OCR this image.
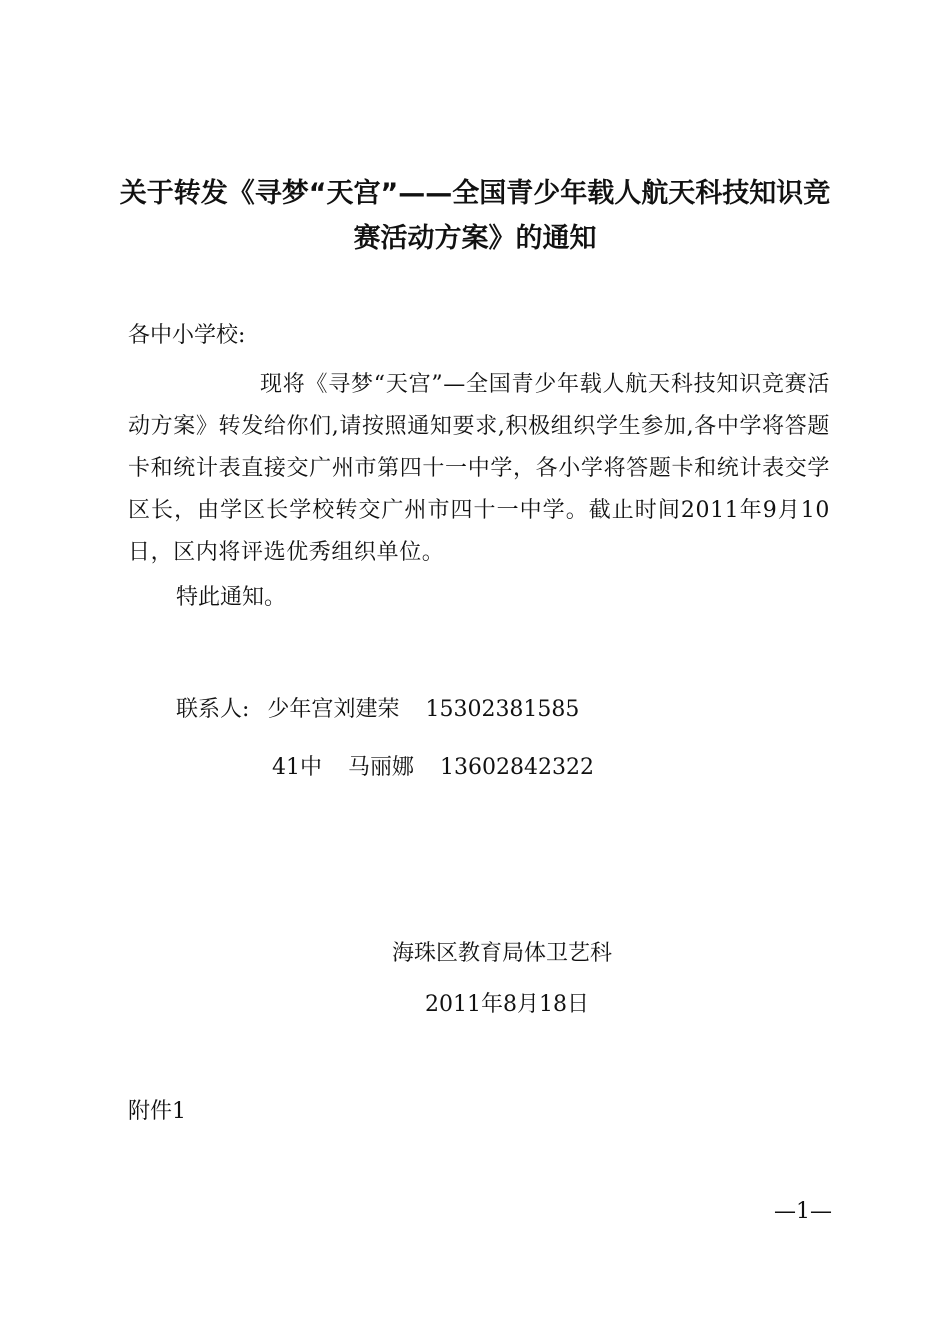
关于转发《寻梦“天宫”——全国青少年载人航天科技知识竞
赛活动方案》的通知
各中小学校:
现将《寻梦“天宫”—全国青少年载人航天科技知识竞赛活动方案》转发给你们,请按照通知要求,积极组织学生参加,各中学将答题卡和统计表直接交广州市第四十一中学，各小学将答题卡和统计表交学区长，由学区长学校转交广州市四十一中学。截止时间2011年9月10日，区内将评选优秀组织单位。
特此通知。
联系人: 少年宫刘建荣 15302381585
41中 马丽娜 13602842322
海珠区教育局体卫艺科
2011年8月18日
附件1
—1—
